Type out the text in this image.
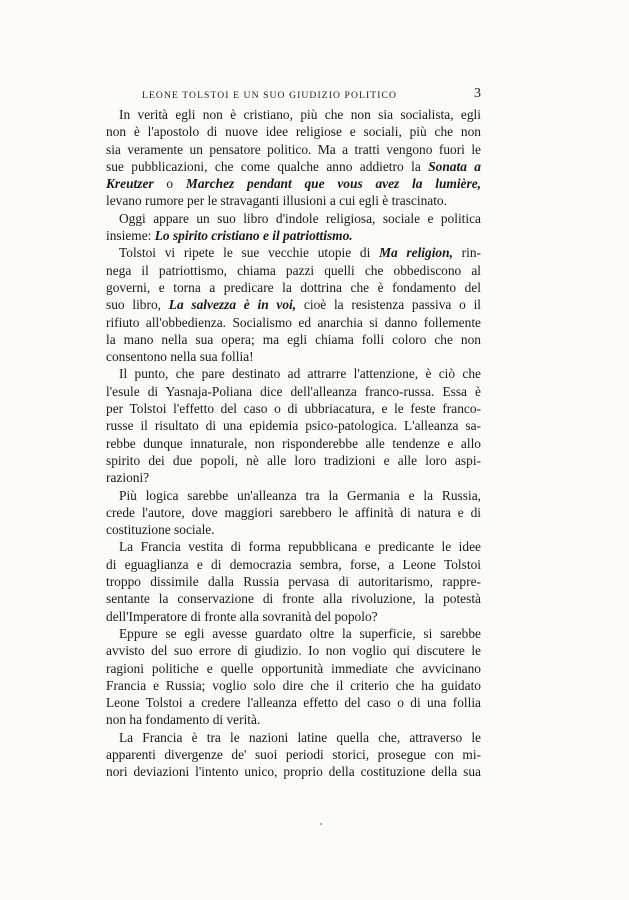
LEONE TOLSTOI E UN SUO GIUDIZIO POLITICO	3
In verità egli non è cristiano, più che non sia socialista, egli
non è l'apostolo di nuove idee religiose e sociali, più che non
sia veramente un pensatore politico. Ma a tratti vengono fuori le
sue pubblicazioni, che come qualche anno addietro la Sonata a
Kreutzer o Marchez pendant que vous avez la lumière,
levano rumore per le stravaganti illusioni a cui egli è trascinato.
Oggi appare un suo libro d'indole religiosa, sociale e politica
insieme: Lo spirito cristiano e il patriottismo.
Tolstoi vi ripete le sue vecchie utopie di Ma religion, rin-
nega il patriottismo, chiama pazzi quelli che obbediscono al
governi, e torna a predicare la dottrina che è fondamento del
suo libro, La salvezza è in voi, cioè la resistenza passiva o il
rifiuto all'obbedienza. Socialismo ed anarchia si danno follemente
la mano nella sua opera; ma egli chiama folli coloro che non
consentono nella sua follia!
Il punto, che pare destinato ad attrarre l'attenzione, è ciò che
l'esule di Yasnaja-Poliana dice dell'alleanza franco-russa. Essa è
per Tolstoi l'effetto del caso o di ubbriacatura, e le feste franco-
russe il risultato di una epidemia psico-patologica. L'alleanza sa-
rebbe dunque innaturale, non risponderebbe alle tendenze e allo
spirito dei due popoli, nè alle loro tradizioni e alle loro aspi-
razioni?
Più logica sarebbe un'alleanza tra la Germania e la Russia,
crede l'autore, dove maggiori sarebbero le affinità di natura e di
costituzione sociale.
La Francia vestita di forma repubblicana e predicante le idee
di eguaglianza e di democrazia sembra, forse, a Leone Tolstoi
troppo dissimile dalla Russia pervasa di autoritarismo, rappre-
sentante la conservazione di fronte alla rivoluzione, la potestà
dell'Imperatore di fronte alla sovranità del popolo?
Eppure se egli avesse guardato oltre la superficie, si sarebbe
avvisto del suo errore di giudizio. Io non voglio qui discutere le
ragioni politiche e quelle opportunità immediate che avvicinano
Francia e Russia; voglio solo dire che il criterio che ha guidato
Leone Tolstoi a credere l'alleanza effetto del caso o di una follia
non ha fondamento di verità.
La Francia è tra le nazioni latine quella che, attraverso le
apparenti divergenze de' suoi periodi storici, prosegue con mi-
nori deviazioni l'intento unico, proprio della costituzione della sua
